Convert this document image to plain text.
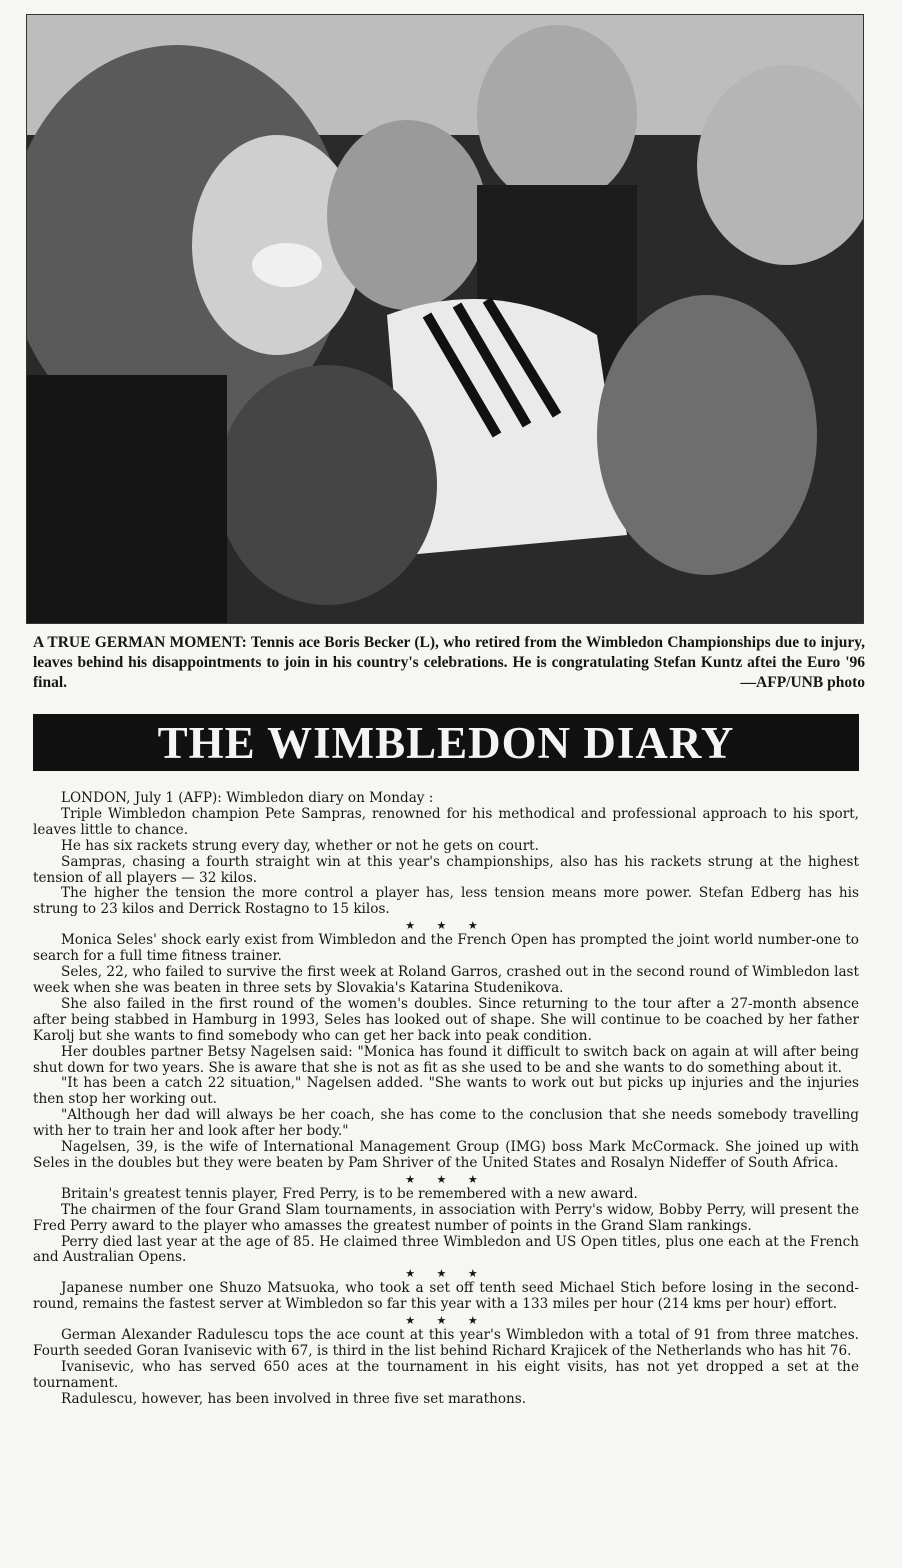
A TRUE GERMAN MOMENT: Tennis ace Boris Becker (L), who retired from the Wimbledon Championships due to injury, leaves behind his disappointments to join in his country's celebrations. He is congratulating Stefan Kuntz aftei the Euro '96 final.	—AFP/UNB photo
THE WIMBLEDON DIARY

LONDON, July 1 (AFP): Wimbledon diary on Monday :

Triple Wimbledon champion Pete Sampras, renowned for his methodical and professional approach to his sport, leaves little to chance.

He has six rackets strung every day, whether or not he gets on court.

Sampras, chasing a fourth straight win at this year's championships, also has his rackets strung at the highest tension of all players — 32 kilos.

The higher the tension the more control a player has, less tension means more power. Stefan Edberg has his strung to 23 kilos and Derrick Rostagno to 15 kilos.

★ ★ ★

Monica Seles' shock early exist from Wimbledon and the French Open has prompted the joint world number-one to search for a full time fitness trainer.

Seles, 22, who failed to survive the first week at Roland Garros, crashed out in the second round of Wimbledon last week when she was beaten in three sets by Slovakia's Katarina Studenikova.

She also failed in the first round of the women's doubles. Since returning to the tour after a 27-month absence after being stabbed in Hamburg in 1993, Seles has looked out of shape. She will continue to be coached by her father Karolj but she wants to find somebody who can get her back into peak condition.

Her doubles partner Betsy Nagelsen said: "Monica has found it difficult to switch back on again at will after being shut down for two years. She is aware that she is not as fit as she used to be and she wants to do something about it.

"It has been a catch 22 situation," Nagelsen added. "She wants to work out but picks up injuries and the injuries then stop her working out.

"Although her dad will always be her coach, she has come to the conclusion that she needs somebody travelling with her to train her and look after her body."

Nagelsen, 39, is the wife of International Management Group (IMG) boss Mark McCormack. She joined up with Seles in the doubles but they were beaten by Pam Shriver of the United States and Rosalyn Nideffer of South Africa.

★ ★ ★

Britain's greatest tennis player, Fred Perry, is to be remembered with a new award.

The chairmen of the four Grand Slam tournaments, in association with Perry's widow, Bobby Perry, will present the Fred Perry award to the player who amasses the greatest number of points in the Grand Slam rankings.

Perry died last year at the age of 85. He claimed three Wimbledon and US Open titles, plus one each at the French and Australian Opens.

★ ★ ★

Japanese number one Shuzo Matsuoka, who took a set off tenth seed Michael Stich before losing in the second-round, remains the fastest server at Wimbledon so far this year with a 133 miles per hour (214 kms per hour) effort.

★ ★ ★

German Alexander Radulescu tops the ace count at this year's Wimbledon with a total of 91 from three matches. Fourth seeded Goran Ivanisevic with 67, is third in the list behind Richard Krajicek of the Netherlands who has hit 76.

Ivanisevic, who has served 650 aces at the tournament in his eight visits, has not yet dropped a set at the tournament.

Radulescu, however, has been involved in three five set marathons.
